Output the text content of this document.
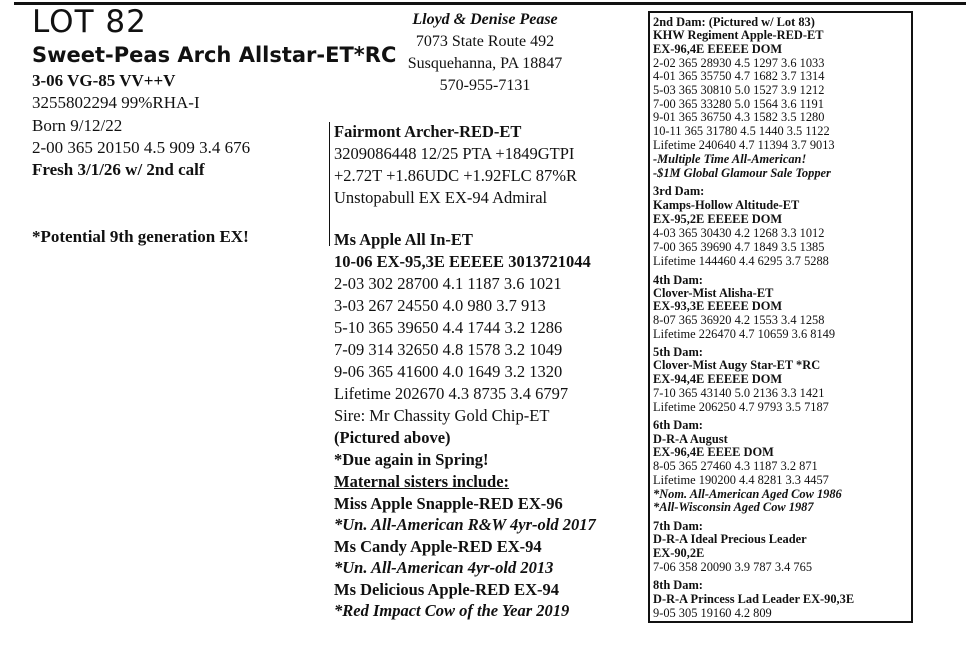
LOT 82
Sweet-Peas Arch Allstar-ET*RC
3-06 VG-85 VV++V
3255802294 99%RHA-I
Born 9/12/22
2-00 365 20150 4.5 909 3.4 676
Fresh 3/1/26 w/ 2nd calf
*Potential 9th generation EX!
Lloyd & Denise Pease
7073 State Route 492
Susquehanna, PA 18847
570-955-7131
Fairmont Archer-RED-ET
3209086448 12/25 PTA +1849GTPI
+2.72T +1.86UDC +1.92FLC 87%R
Unstopabull EX EX-94 Admiral
Ms Apple All In-ET
10-06 EX-95,3E EEEEE 3013721044
2-03 302 28700 4.1 1187 3.6 1021
3-03 267 24550 4.0 980 3.7 913
5-10 365 39650 4.4 1744 3.2 1286
7-09 314 32650 4.8 1578 3.2 1049
9-06 365 41600 4.0 1649 3.2 1320
Lifetime 202670 4.3 8735 3.4 6797
Sire: Mr Chassity Gold Chip-ET
(Pictured above)
*Due again in Spring!
Maternal sisters include:
Miss Apple Snapple-RED EX-96
*Un. All-American R&W 4yr-old 2017
Ms Candy Apple-RED EX-94
*Un. All-American 4yr-old 2013
Ms Delicious Apple-RED EX-94
*Red Impact Cow of the Year 2019
2nd Dam: (Pictured w/ Lot 83)
KHW Regiment Apple-RED-ET
EX-96,4E EEEEE DOM
2-02 365 28930 4.5 1297 3.6 1033
4-01 365 35750 4.7 1682 3.7 1314
5-03 365 30810 5.0 1527 3.9 1212
7-00 365 33280 5.0 1564 3.6 1191
9-01 365 36750 4.3 1582 3.5 1280
10-11 365 31780 4.5 1440 3.5 1122
Lifetime 240640 4.7 11394 3.7 9013
-Multiple Time All-American!
-$1M Global Glamour Sale Topper
3rd Dam:
Kamps-Hollow Altitude-ET
EX-95,2E EEEEE DOM
4-03 365 30430 4.2 1268 3.3 1012
7-00 365 39690 4.7 1849 3.5 1385
Lifetime 144460 4.4 6295 3.7 5288
4th Dam:
Clover-Mist Alisha-ET
EX-93,3E EEEEE DOM
8-07 365 36920 4.2 1553 3.4 1258
Lifetime 226470 4.7 10659 3.6 8149
5th Dam:
Clover-Mist Augy Star-ET *RC
EX-94,4E EEEEE DOM
7-10 365 43140 5.0 2136 3.3 1421
Lifetime 206250 4.7 9793 3.5 7187
6th Dam:
D-R-A August
EX-96,4E EEEE DOM
8-05 365 27460 4.3 1187 3.2 871
Lifetime 190200 4.4 8281 3.3 4457
*Nom. All-American Aged Cow 1986
*All-Wisconsin Aged Cow 1987
7th Dam:
D-R-A Ideal Precious Leader
EX-90,2E
7-06 358 20090 3.9 787 3.4 765
8th Dam:
D-R-A Princess Lad Leader EX-90,3E
9-05 305 19160 4.2 809
